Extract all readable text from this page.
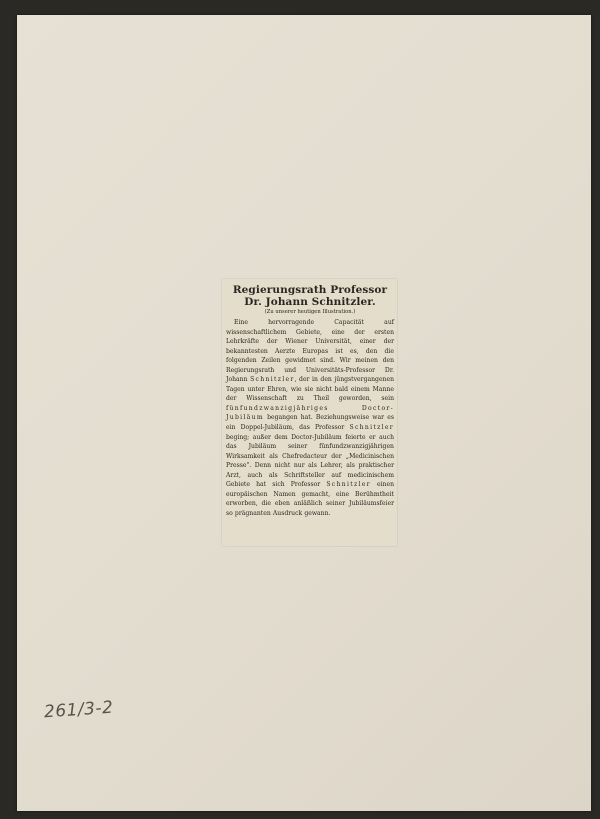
Regierungsrath Professor
Dr. Johann Schnitzler.
(Zu unserer heutigen Illustration.)

Eine hervorragende Capacität auf wissenschaftlichem Gebiete, eine der ersten Lehrkräfte der Wiener Universität, einer der bekanntesten Aerzte Europas ist es, den die folgenden Zeilen gewidmet sind. Wir meinen den Regierungsrath und Universitäts-Professor Dr. Johann Schnitzler, der in den jüngstvergangenen Tagen unter Ehren, wie sie nicht bald einem Manne der Wissenschaft zu Theil geworden, sein fünfundzwanzigjähriges Doctor-Jubiläum begangen hat. Beziehungsweise war es ein Doppel-Jubiläum, das Professor Schnitzler beging; außer dem Doctor-Jubiläum feierte er auch das Jubiläum seiner fünfundzwanzigjährigen Wirksamkeit als Chefredacteur der „Medicinischen Presse". Denn nicht nur als Lehrer, als praktischer Arzt, auch als Schriftsteller auf medicinischem Gebiete hat sich Professor Schnitzler einen europäischen Namen gemacht, eine Berühmtheit erworben, die eben anläßlich seiner Jubiläumsfeier so prägnanten Ausdruck gewann.

261/3-2
